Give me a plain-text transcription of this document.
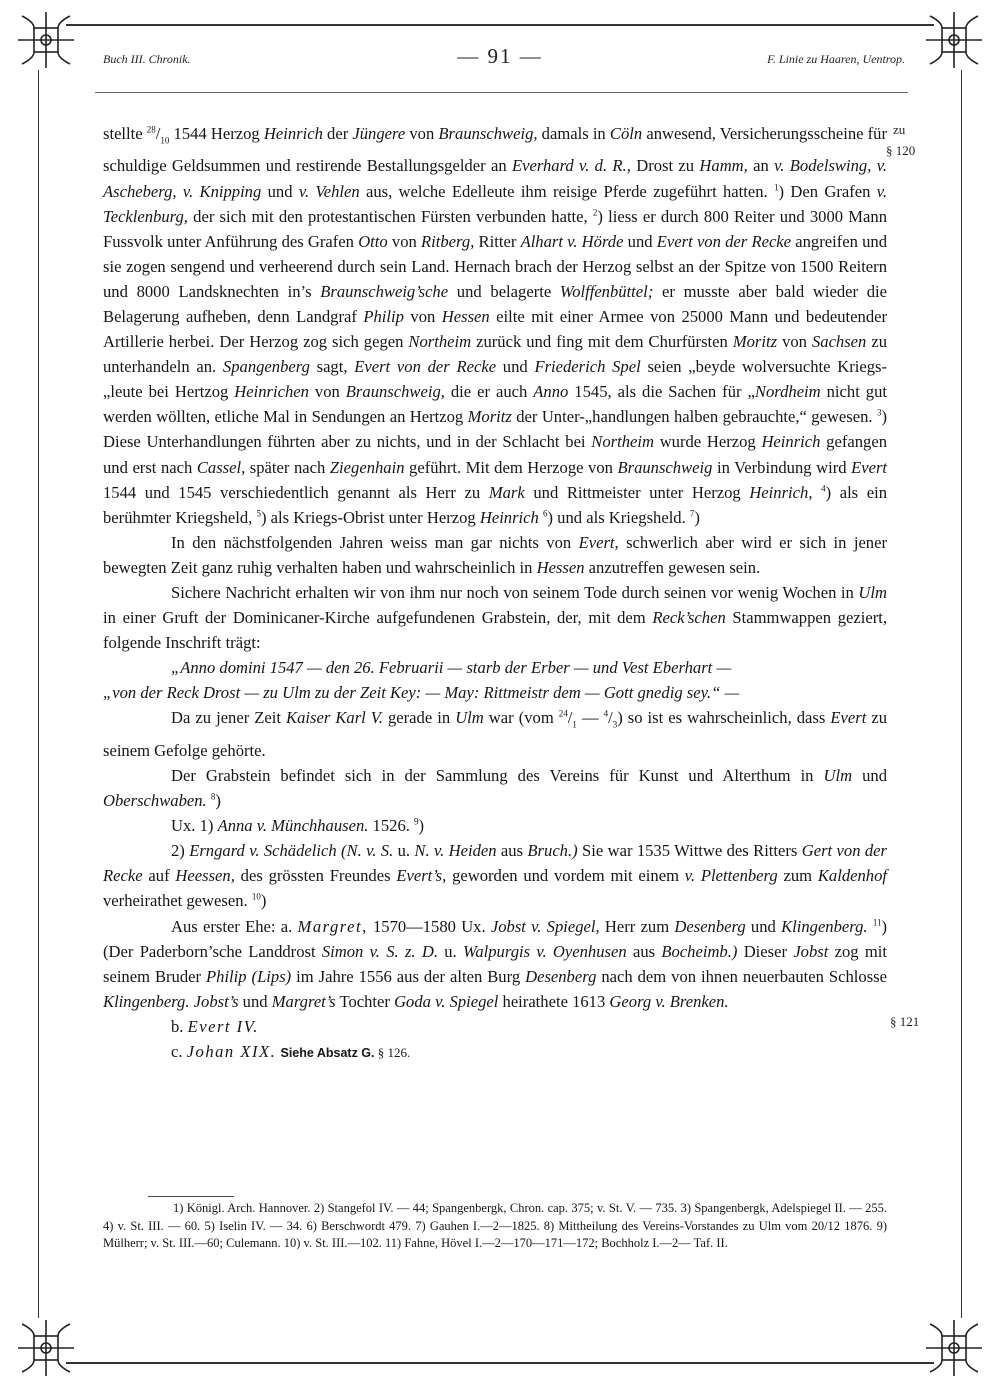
Buch III. Chronik.	— 91 —	F. Linie zu Haaren, Uentrop.
zu
§ 120
§ 121

stellte $^{28}/_{10}$ 1544 Herzog Heinrich der Jüngere von Braunschweig, damals in Cöln anwesend, Versicherungsscheine für schuldige Geldsummen und restirende Bestallungsgelder an Everhard v. d. R., Drost zu Hamm, an v. Bodelswing, v. Ascheberg, v. Knipping und v. Vehlen aus, welche Edelleute ihm reisige Pferde zugeführt hatten. $^1$) Den Grafen v. Tecklenburg, der sich mit den protestantischen Fürsten verbunden hatte, $^2$) liess er durch 800 Reiter und 3000 Mann Fussvolk unter Anführung des Grafen Otto von Ritberg, Ritter Alhart v. Hörde und Evert von der Recke angreifen und sie zogen sengend und verheerend durch sein Land. Hernach brach der Herzog selbst an der Spitze von 1500 Reitern und 8000 Landsknechten in’s Braunschweig’sche und belagerte Wolffenbüttel; er musste aber bald wieder die Belagerung aufheben, denn Landgraf Philip von Hessen eilte mit einer Armee von 25000 Mann und bedeutender Artillerie herbei. Der Herzog zog sich gegen Northeim zurück und fing mit dem Churfürsten Moritz von Sachsen zu unterhandeln an. Spangenberg sagt, Evert von der Recke und Friederich Spel seien „beyde wolversuchte Kriegs-„leute bei Hertzog Heinrichen von Braunschweig, die er auch Anno 1545, als die Sachen für „Nordheim nicht gut werden wöllten, etliche Mal in Sendungen an Hertzog Moritz der Unter-„handlungen halben gebrauchte,“ gewesen. $^3$) Diese Unterhandlungen führten aber zu nichts, und in der Schlacht bei Northeim wurde Herzog Heinrich gefangen und erst nach Cassel, später nach Ziegenhain geführt. Mit dem Herzoge von Braunschweig in Verbindung wird Evert 1544 und 1545 verschiedentlich genannt als Herr zu Mark und Rittmeister unter Herzog Heinrich, $^4$) als ein berühmter Kriegsheld, $^5$) als Kriegs-Obrist unter Herzog Heinrich $^6$) und als Kriegsheld. $^7$)

In den nächstfolgenden Jahren weiss man gar nichts von Evert, schwerlich aber wird er sich in jener bewegten Zeit ganz ruhig verhalten haben und wahrscheinlich in Hessen anzutreffen gewesen sein.

Sichere Nachricht erhalten wir von ihm nur noch von seinem Tode durch seinen vor wenig Wochen in Ulm in einer Gruft der Dominicaner-Kirche aufgefundenen Grabstein, der, mit dem Reck’schen Stammwappen geziert, folgende Inschrift trägt:

„Anno domini 1547 — den 26. Februarii — starb der Erber — und Vest Eberhart —

„von der Reck Drost — zu Ulm zu der Zeit Key: — May: Rittmeistr dem — Gott gnedig sey.“ —

Da zu jener Zeit Kaiser Karl V. gerade in Ulm war (vom $^{24}/_1$ — $^4/_3$) so ist es wahrscheinlich, dass Evert zu seinem Gefolge gehörte.

Der Grabstein befindet sich in der Sammlung des Vereins für Kunst und Alterthum in Ulm und Oberschwaben. $^8$)

Ux. 1) Anna v. Münchhausen. 1526. $^9$)

2) Erngard v. Schädelich (N. v. S. u. N. v. Heiden aus Bruch.) Sie war 1535 Wittwe des Ritters Gert von der Recke auf Heessen, des grössten Freundes Evert’s, geworden und vordem mit einem v. Plettenberg zum Kaldenhof verheirathet gewesen. $^{10}$)

Aus erster Ehe: a. Margret, 1570—1580 Ux. Jobst v. Spiegel, Herr zum Desenberg und Klingenberg. $^{11}$) (Der Paderborn’sche Landdrost Simon v. S. z. D. u. Walpurgis v. Oyenhusen aus Bocheimb.) Dieser Jobst zog mit seinem Bruder Philip (Lips) im Jahre 1556 aus der alten Burg Desenberg nach dem von ihnen neuerbauten Schlosse Klingenberg. Jobst’s und Margret’s Tochter Goda v. Spiegel heirathete 1613 Georg v. Brenken.

b. Evert IV.

c. Johan XIX. Siehe Absatz G. § 126.

1) Königl. Arch. Hannover. 2) Stangefol IV. — 44; Spangenbergk, Chron. cap. 375; v. St. V. — 735. 3) Spangenbergk, Adelspiegel II. — 255. 4) v. St. III. — 60. 5) Iselin IV. — 34. 6) Berschwordt 479. 7) Gauhen I.—2—1825. 8) Mittheilung des Vereins-Vorstandes zu Ulm vom 20/12 1876. 9) Mülherr; v. St. III.—60; Culemann. 10) v. St. III.—102. 11) Fahne, Hövel I.—2—170—171—172; Bochholz I.—2— Taf. II.
